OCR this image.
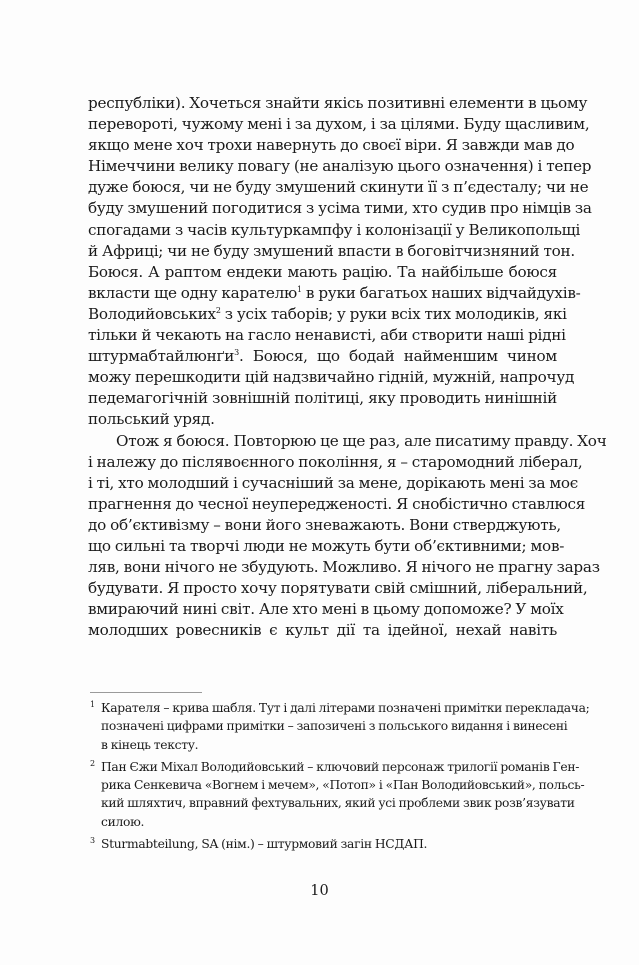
республіки). Хочеться знайти якісь позитивні елементи в цьому
перевороті, чужому мені і за духом, і за цілями. Буду щасливим,
якщо мене хоч трохи навернуть до своєї віри. Я завжди мав до
Німеччини велику повагу (не аналізую цього означення) і тепер
дуже боюся, чи не буду змушений скинути її з п’єдесталу; чи не
буду змушений погодитися з усіма тими, хто судив про німців за
спогадами з часів культуркампфу і колонізації у Великопольщі
й Африці; чи не буду змушений впасти в боговітчизняний тон.
Боюся. А раптом ендеки мають рацію. Та найбільше боюся
вкласти ще одну карателю$^1$ в руки багатьох наших відчайдухів-
Володийовських$^2$ з усіх таборів; у руки всіх тих молодиків, які
тільки й чекають на гасло ненависті, аби створити наші рідні
штурмабтайлюнґи$^3$. Боюся, що бодай найменшим чином
можу перешкодити цій надзвичайно гідній, мужній, напрочуд
педемагогічній зовнішній політиці, яку проводить нинішній
польський уряд.
Отож я боюся. Повторюю це ще раз, але писатиму правду. Хоч
і належу до післявоєнного покоління, я – старомодний ліберал,
і ті, хто молодший і сучасніший за мене, дорікають мені за моє
прагнення до чесної неупередженості. Я снобістично ставлюся
до об’єктивізму – вони його зневажають. Вони стверджують,
що сильні та творчі люди не можуть бути об’єктивними; мов-
ляв, вони нічого не збудують. Можливо. Я нічого не прагну зараз
будувати. Я просто хочу порятувати свій смішний, ліберальний,
вмираючий нині світ. Але хто мені в цьому допоможе? У моїх
молодших ровесників є культ дії та ідейної, нехай навіть
1 Карателя – крива шабля. Тут і далі літерами позначені примітки перекладача;
позначені цифрами примітки – запозичені з польського видання і винесені
в кінець тексту.
2 Пан Єжи Міхал Володийовський – ключовий персонаж трилогії романів Ген-
рика Сенкевича «Вогнем і мечем», «Потоп» і «Пан Володийовський», польсь-
кий шляхтич, вправний фехтувальних, який усі проблеми звик розв’язувати
силою.
3 Sturmabteilung, SA (нім.) – штурмовий загін НСДАП.
10
